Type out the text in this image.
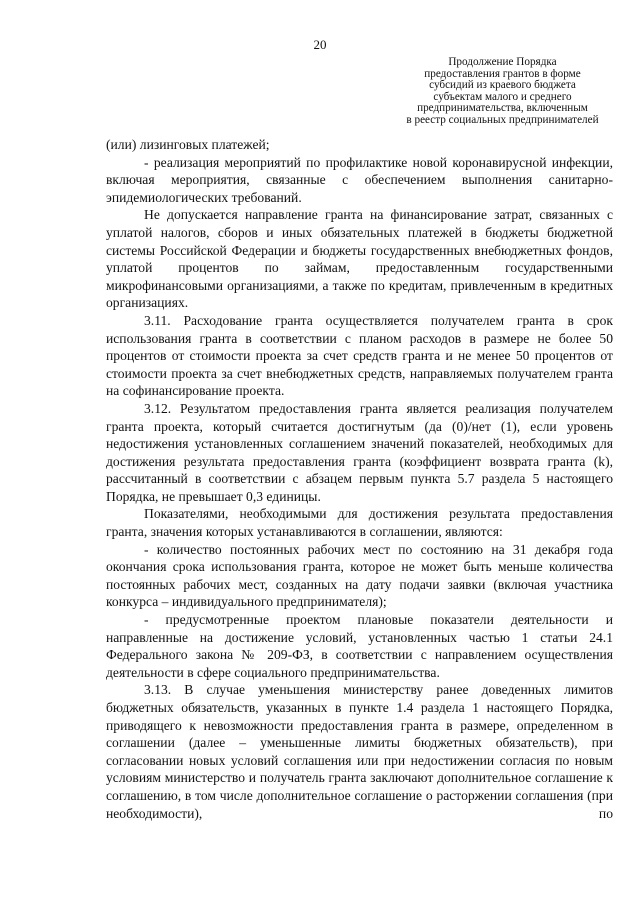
20
Продолжение Порядка
предоставления грантов в форме
субсидий из краевого бюджета
субъектам малого и среднего
предпринимательства, включенным
в реестр социальных предпринимателей

(или) лизинговых платежей;

- реализация мероприятий по профилактике новой коронавирусной инфекции, включая мероприятия, связанные с обеспечением выполнения санитарно-эпидемиологических требований.

Не допускается направление гранта на финансирование затрат, связанных с уплатой налогов, сборов и иных обязательных платежей в бюджеты бюджетной системы Российской Федерации и бюджеты государственных внебюджетных фондов, уплатой процентов по займам, предоставленным государственными микрофинансовыми организациями, а также по кредитам, привлеченным в кредитных организациях.

3.11. Расходование гранта осуществляется получателем гранта в срок использования гранта в соответствии с планом расходов в размере не более 50 процентов от стоимости проекта за счет средств гранта и не менее 50 процентов от стоимости проекта за счет внебюджетных средств, направляемых получателем гранта на софинансирование проекта.

3.12. Результатом предоставления гранта является реализация получателем гранта проекта, который считается достигнутым (да (0)/нет (1), если уровень недостижения установленных соглашением значений показателей, необходимых для достижения результата предоставления гранта (коэффициент возврата гранта (k), рассчитанный в соответствии с абзацем первым пункта 5.7 раздела 5 настоящего Порядка, не превышает 0,3 единицы.

Показателями, необходимыми для достижения результата предоставления гранта, значения которых устанавливаются в соглашении, являются:

- количество постоянных рабочих мест по состоянию на 31 декабря года окончания срока использования гранта, которое не может быть меньше количества постоянных рабочих мест, созданных на дату подачи заявки (включая участника конкурса – индивидуального предпринимателя);

- предусмотренные проектом плановые показатели деятельности и направленные на достижение условий, установленных частью 1 статьи 24.1 Федерального закона № 209-ФЗ, в соответствии с направлением осуществления деятельности в сфере социального предпринимательства.

3.13. В случае уменьшения министерству ранее доведенных лимитов бюджетных обязательств, указанных в пункте 1.4 раздела 1 настоящего Порядка, приводящего к невозможности предоставления гранта в размере, определенном в соглашении (далее – уменьшенные лимиты бюджетных обязательств), при согласовании новых условий соглашения или при недостижении согласия по новым условиям министерство и получатель гранта заключают дополнительное соглашение к соглашению, в том числе дополнительное соглашение о расторжении соглашения (при необходимости), по
